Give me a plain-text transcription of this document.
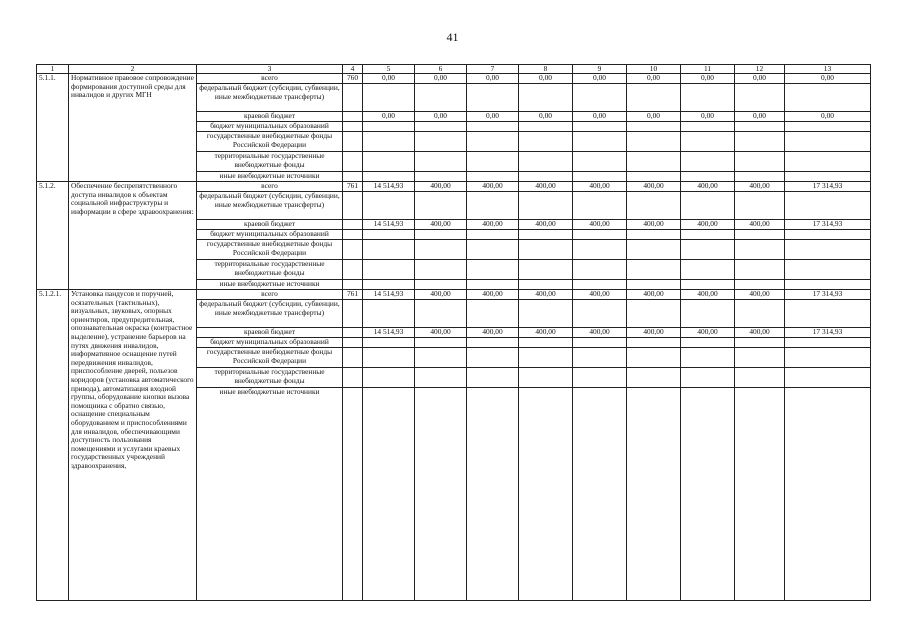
41
1	2	3	4	5	6	7	8	9	10	11	12	13
5.1.1.	Нормативное правовое сопровождение формирования доступной среды для инвалидов и других МГН	всего	760	0,00	0,00	0,00	0,00	0,00	0,00	0,00	0,00	0,00
		федеральный бюджет (субсидии, субвенции, иные межбюджетные трансферты)										
		краевой бюджет		0,00	0,00	0,00	0,00	0,00	0,00	0,00	0,00	0,00
		бюджет муниципальных образований										
		государственные внебюджетные фонды Российской Федерации										
		территориальные государственные внебюджетные фонды										
		иные внебюджетные источники										
5.1.2.	Обеспечение беспрепятственного доступа инвалидов к объектам социальной инфраструктуры и информации в сфере здравоохранения:	всего	761	14 514,93	400,00	400,00	400,00	400,00	400,00	400,00	400,00	17 314,93
		федеральный бюджет (субсидии, субвенции, иные межбюджетные трансферты)										
		краевой бюджет		14 514,93	400,00	400,00	400,00	400,00	400,00	400,00	400,00	17 314,93
		бюджет муниципальных образований										
		государственные внебюджетные фонды Российской Федерации										
		территориальные государственные внебюджетные фонды										
		иные внебюджетные источники										
5.1.2.1.	Установка пандусов и поручней, осязательных (тактильных), визуальных, звуковых, опорных ориентиров, предупредительная, опознавательная окраска (контрастное выделение), устранение барьеров на путях движения инвалидов, информативное оснащение путей передвижения инвалидов, приспособление дверей, польезов коридоров (установка автоматического привода), автоматизация входной группы, оборудование кнопки вызова помощника с обратно связью, оснащение специальным оборудованием и приспособлениями для инвалидов, обеспечивающими доступность пользования помещениями и услугами краевых государственных учреждений здравоохранения,	всего	761	14 514,93	400,00	400,00	400,00	400,00	400,00	400,00	400,00	17 314,93
		федеральный бюджет (субсидии, субвенции, иные межбюджетные трансферты)										
		краевой бюджет		14 514,93	400,00	400,00	400,00	400,00	400,00	400,00	400,00	17 314,93
		бюджет муниципальных образований										
		государственные внебюджетные фонды Российской Федерации										
		территориальные государственные внебюджетные фонды										
		иные внебюджетные источники										
